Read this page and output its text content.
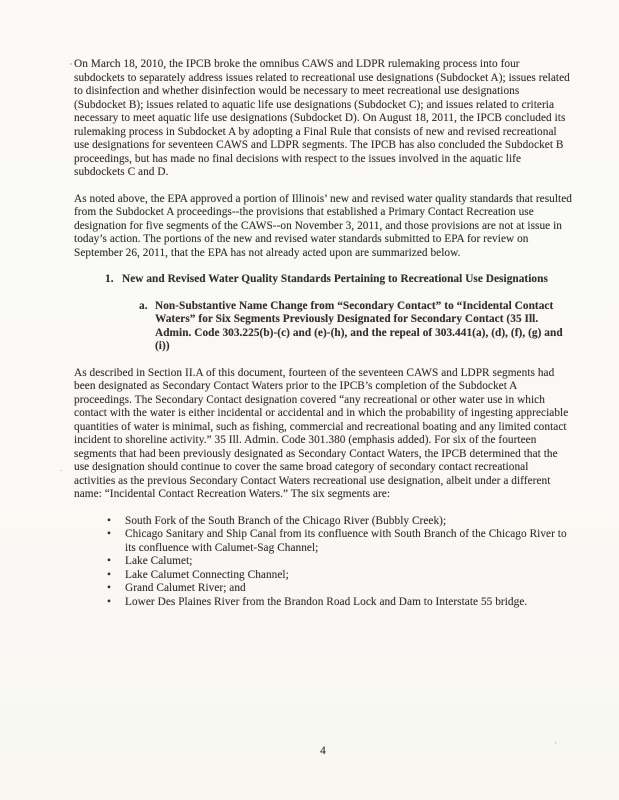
On March 18, 2010, the IPCB broke the omnibus CAWS and LDPR rulemaking process into four subdockets to separately address issues related to recreational use designations (Subdocket A); issues related to disinfection and whether disinfection would be necessary to meet recreational use designations (Subdocket B); issues related to aquatic life use designations (Subdocket C); and issues related to criteria necessary to meet aquatic life use designations (Subdocket D). On August 18, 2011, the IPCB concluded its rulemaking process in Subdocket A by adopting a Final Rule that consists of new and revised recreational use designations for seventeen CAWS and LDPR segments. The IPCB has also concluded the Subdocket B proceedings, but has made no final decisions with respect to the issues involved in the aquatic life subdockets C and D.

As noted above, the EPA approved a portion of Illinois’ new and revised water quality standards that resulted from the Subdocket A proceedings--the provisions that established a Primary Contact Recreation use designation for five segments of the CAWS--on November 3, 2011, and those provisions are not at issue in today’s action. The portions of the new and revised water standards submitted to EPA for review on September 26, 2011, that the EPA has not already acted upon are summarized below.

1. New and Revised Water Quality Standards Pertaining to Recreational Use Designations
a. Non-Substantive Name Change from “Secondary Contact” to “Incidental Contact Waters” for Six Segments Previously Designated for Secondary Contact (35 Ill. Admin. Code 303.225(b)-(c) and (e)-(h), and the repeal of 303.441(a), (d), (f), (g) and (i))

As described in Section II.A of this document, fourteen of the seventeen CAWS and LDPR segments had been designated as Secondary Contact Waters prior to the IPCB’s completion of the Subdocket A proceedings. The Secondary Contact designation covered “any recreational or other water use in which contact with the water is either incidental or accidental and in which the probability of ingesting appreciable quantities of water is minimal, such as fishing, commercial and recreational boating and any limited contact incident to shoreline activity.” 35 Ill. Admin. Code 301.380 (emphasis added). For six of the fourteen segments that had been previously designated as Secondary Contact Waters, the IPCB determined that the use designation should continue to cover the same broad category of secondary contact recreational activities as the previous Secondary Contact Waters recreational use designation, albeit under a different name: “Incidental Contact Recreation Waters.” The six segments are:

• South Fork of the South Branch of the Chicago River (Bubbly Creek);
• Chicago Sanitary and Ship Canal from its confluence with South Branch of the Chicago River to its confluence with Calumet-Sag Channel;
• Lake Calumet;
• Lake Calumet Connecting Channel;
• Grand Calumet River; and
• Lower Des Plaines River from the Brandon Road Lock and Dam to Interstate 55 bridge.
4
